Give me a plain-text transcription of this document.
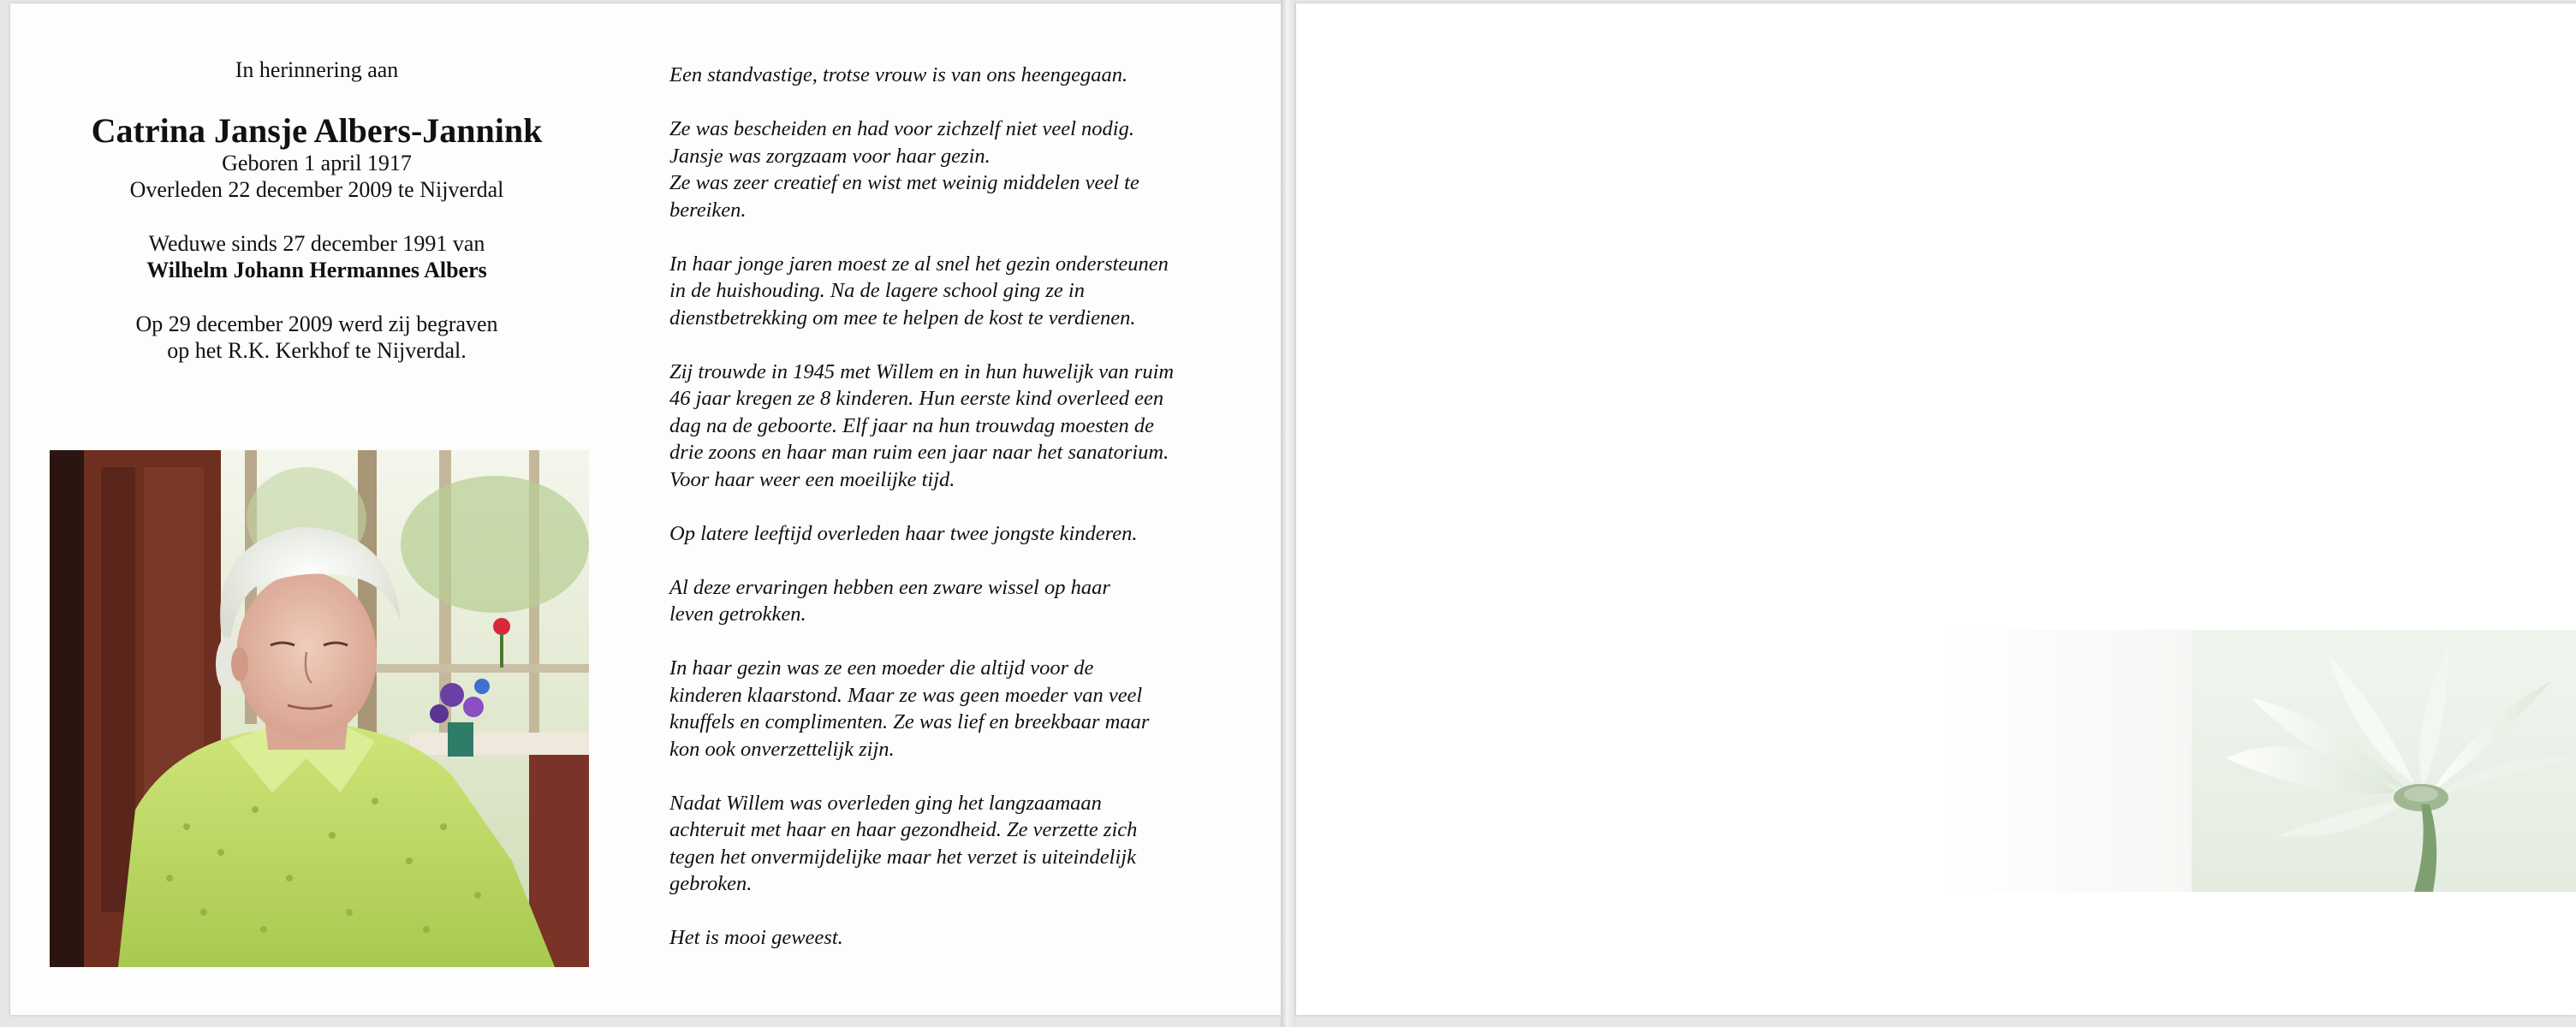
In herinnering aan

Catrina Jansje Albers-Jannink

Geboren 1 april 1917

Overleden 22 december 2009 te Nijverdal

Weduwe sinds 27 december 1991 van

Wilhelm Johann Hermannes Albers

Op 29 december 2009 werd zij begraven

op het R.K. Kerkhof te Nijverdal.

Een standvastige, trotse vrouw is van ons heengegaan.

Ze was bescheiden en had voor zichzelf niet veel nodig.
Jansje was zorgzaam voor haar gezin.
Ze was zeer creatief en wist met weinig middelen veel te
bereiken.

In haar jonge jaren moest ze al snel het gezin ondersteunen
in de huishouding. Na de lagere school ging ze in
dienstbetrekking om mee te helpen de kost te verdienen.

Zij trouwde in 1945 met Willem en in hun huwelijk van ruim
46 jaar kregen ze 8 kinderen. Hun eerste kind overleed een
dag na de geboorte. Elf jaar na hun trouwdag moesten de
drie zoons en haar man ruim een jaar naar het sanatorium.
Voor haar weer een moeilijke tijd.

Op latere leeftijd overleden haar twee jongste kinderen.

Al deze ervaringen hebben een zware wissel op haar
leven getrokken.

In haar gezin was ze een moeder die altijd voor de
kinderen klaarstond. Maar ze was geen moeder van veel
knuffels en complimenten. Ze was lief en breekbaar maar
kon ook onverzettelijk zijn.

Nadat Willem was overleden ging het langzaamaan
achteruit met haar en haar gezondheid. Ze verzette zich
tegen het onvermijdelijke maar het verzet is uiteindelijk
gebroken.

Het is mooi geweest.
